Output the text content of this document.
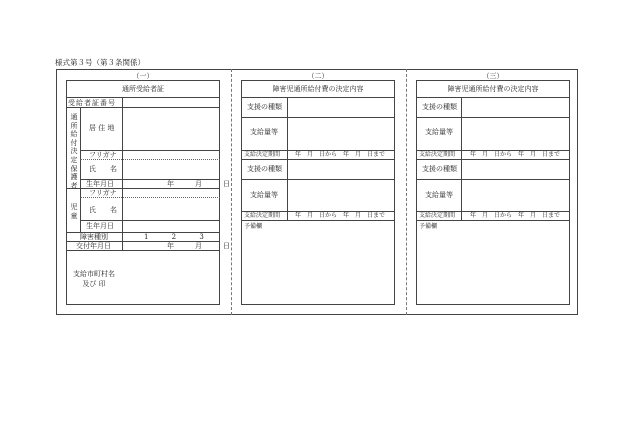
様式第３号（第３条関係）
（一）
通所受給者証
受給者証番号
通
所
給
付
決
定
保
護
者
居 住 地
フリガナ
氏　　名
生年月日	年　　　月　　　日
児
童
フリガナ
氏　　名
生年月日
障害種別	1　　　 2　　　 3
交付年月日	年　　　月　　　日
支給市町村名
及び 印
（二）
障害児通所給付費の決定内容
支援の種類
支給量等
支給決定期間 年　月　日から　年　月　日まで
支援の種類
支給量等
支給決定期間 年　月　日から　年　月　日まで
予備欄
（三）
障害児通所給付費の決定内容
支援の種類
支給量等
支給決定期間 年　月　日から　年　月　日まで
支援の種類
支給量等
支給決定期間 年　月　日から　年　月　日まで
予備欄
